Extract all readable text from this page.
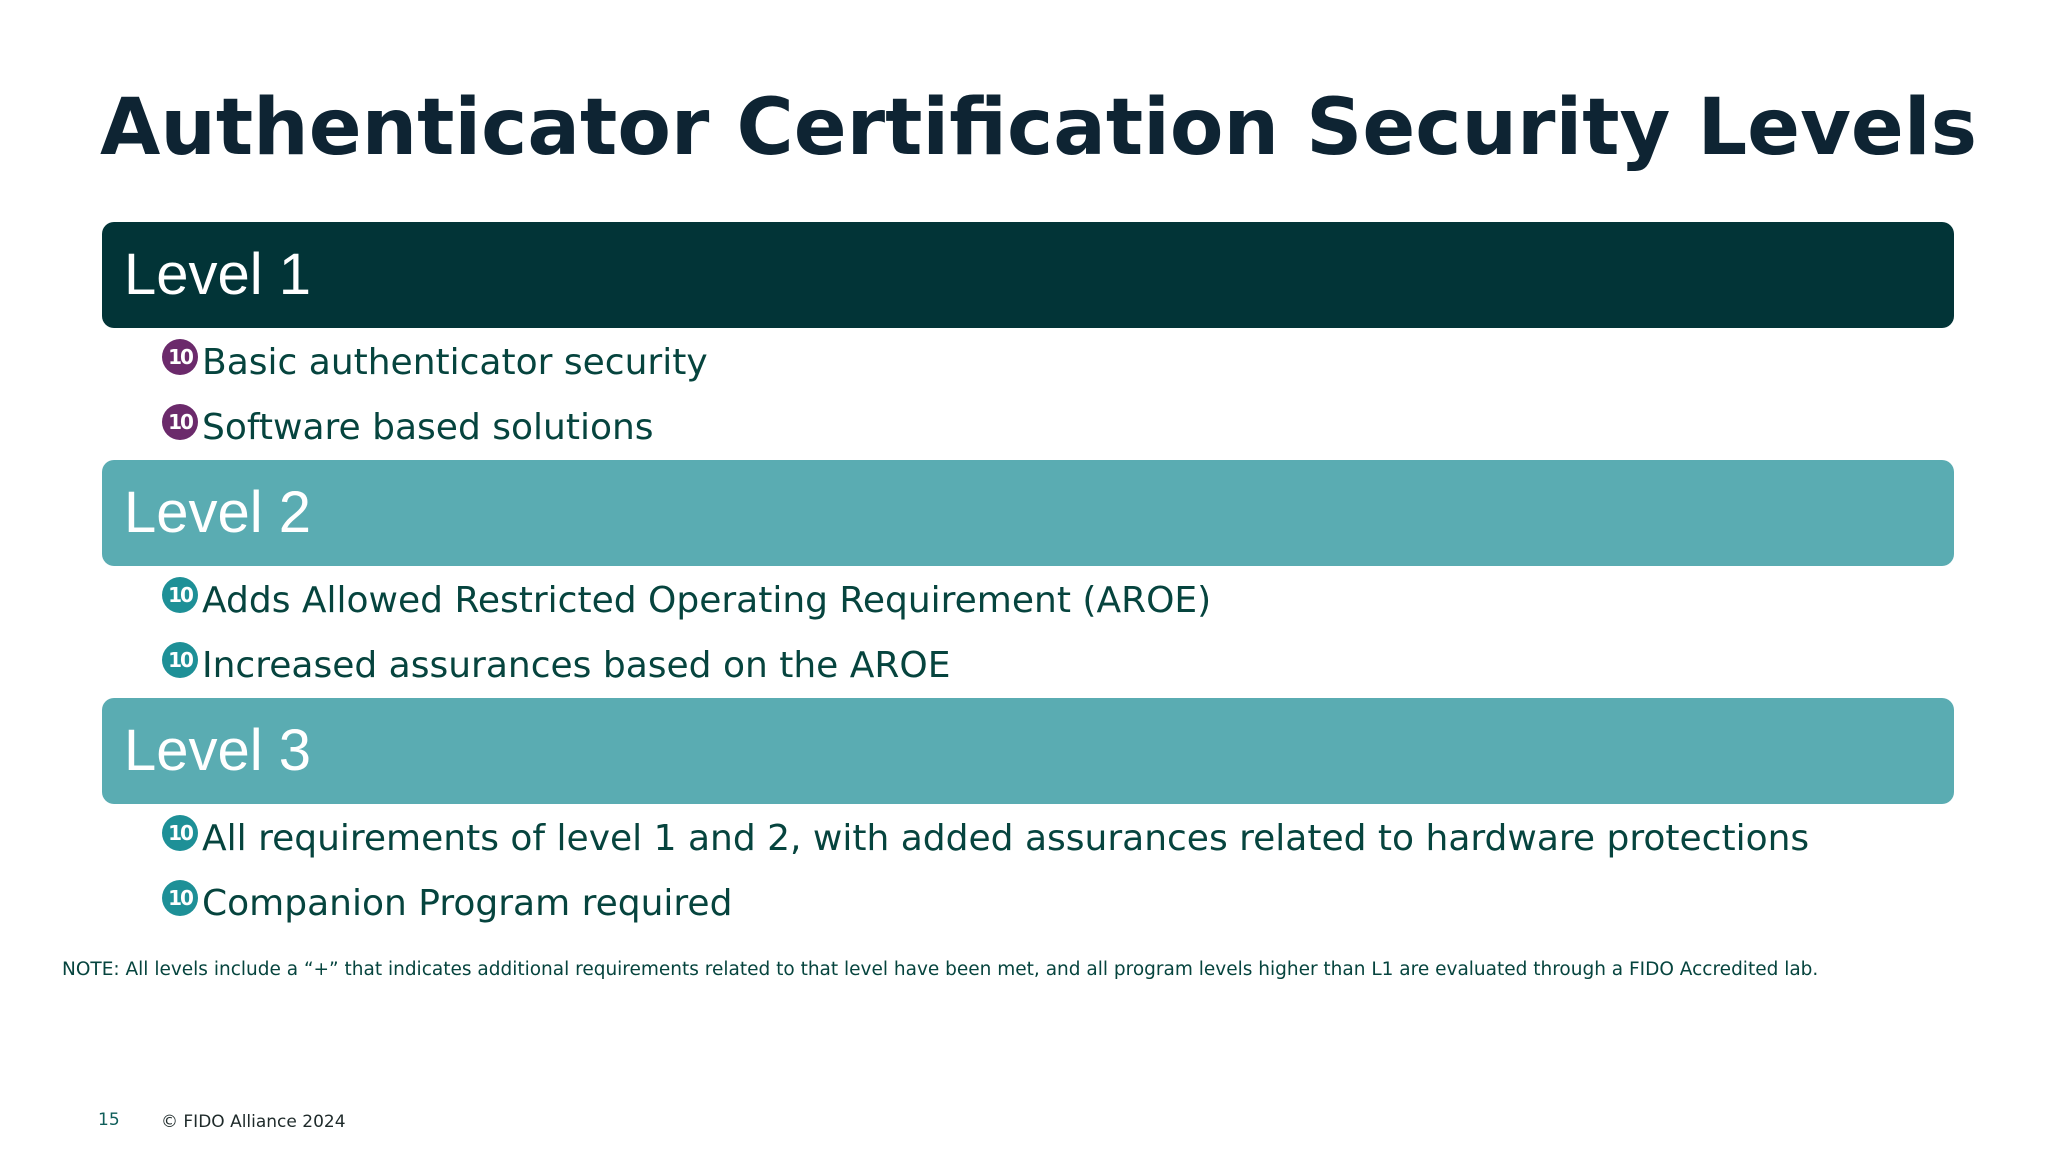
Authenticator Certification Security Levels
Level 1
10 Basic authenticator security
10 Software based solutions
Level 2
10 Adds Allowed Restricted Operating Requirement (AROE)
10 Increased assurances based on the AROE
Level 3
10 All requirements of level 1 and 2, with added assurances related to hardware protections
10 Companion Program required
NOTE: All levels include a “+” that indicates additional requirements related to that level have been met, and all program levels higher than L1 are evaluated through a FIDO Accredited lab.
15 © FIDO Alliance 2024
